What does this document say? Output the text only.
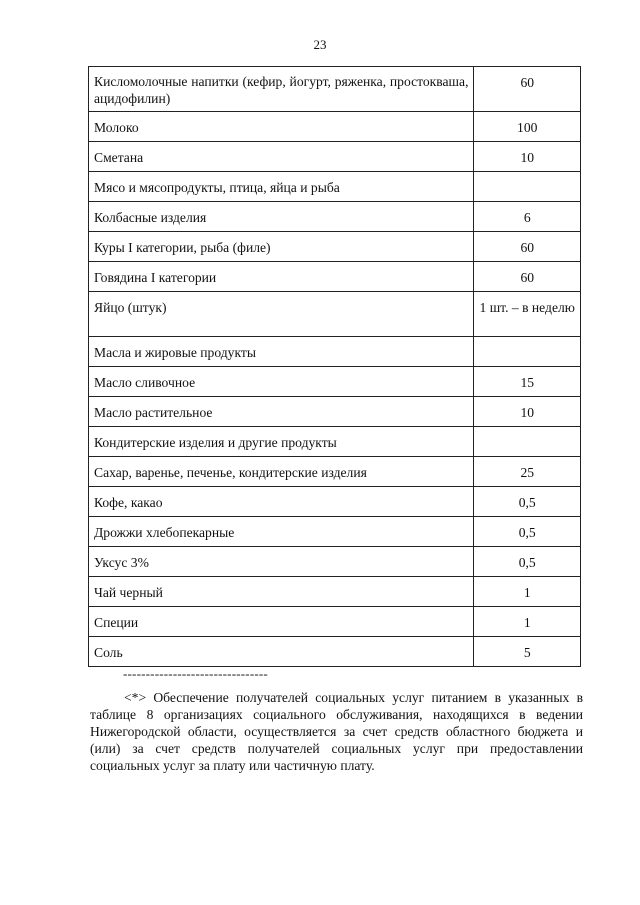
23
Кисломолочные напитки (кефир, йогурт, ряженка, простокваша, ацидофилин)	60
Молоко	100
Сметана	10
Мясо и мясопродукты, птица, яйца и рыба	
Колбасные изделия	6
Куры I категории, рыба (филе)	60
Говядина I категории	60
Яйцо (штук)	1 шт. – в неделю
Масла и жировые продукты	
Масло сливочное	15
Масло растительное	10
Кондитерские изделия и другие продукты	
Сахар, варенье, печенье, кондитерские изделия	25
Кофе, какао	0,5
Дрожжи хлебопекарные	0,5
Уксус 3%	0,5
Чай черный	1
Специи	1
Соль	5
--------------------------------
<*> Обеспечение получателей социальных услуг питанием в указанных в таблице 8 организациях социального обслуживания, находящихся в ведении Нижегородской области, осуществляется за счет средств областного бюджета и (или) за счет средств получателей социальных услуг при предоставлении социальных услуг за плату или частичную плату.
